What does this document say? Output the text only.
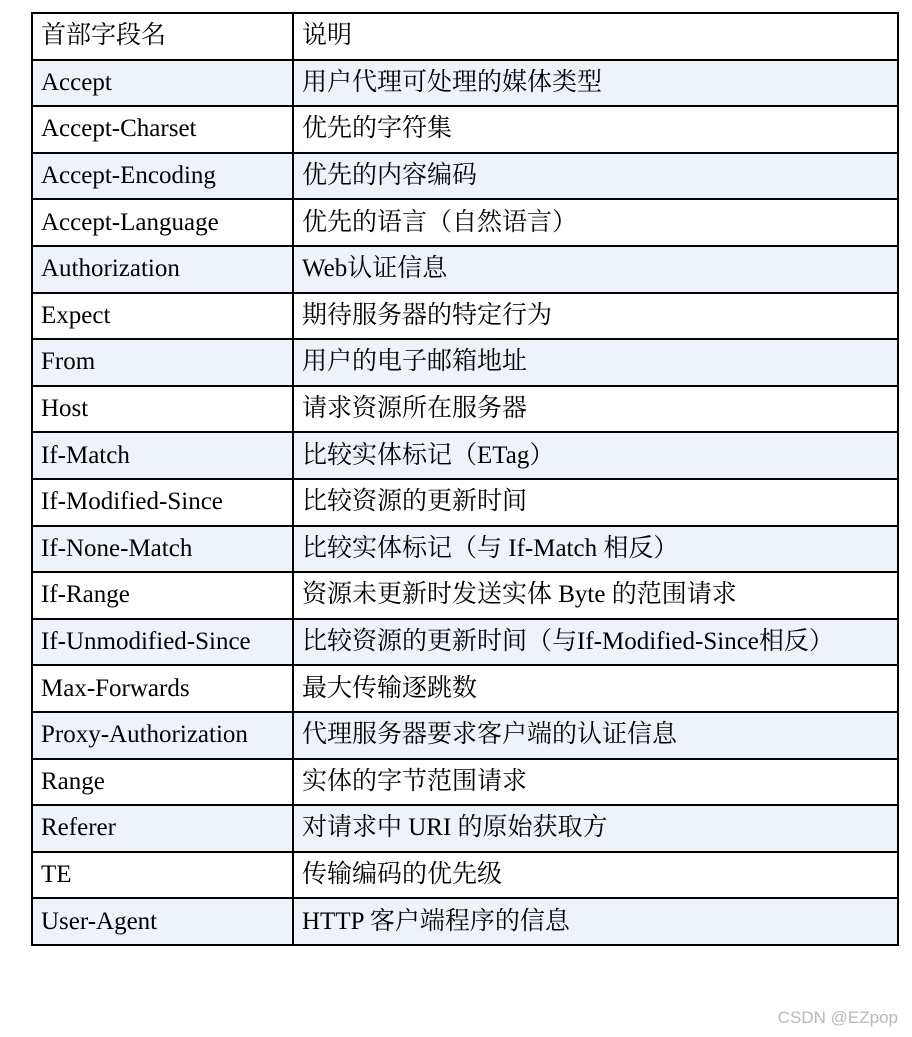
首部字段名	说明
Accept	用户代理可处理的媒体类型
Accept-Charset	优先的字符集
Accept-Encoding	优先的内容编码
Accept-Language	优先的语言（自然语言）
Authorization	Web认证信息
Expect	期待服务器的特定行为
From	用户的电子邮箱地址
Host	请求资源所在服务器
If-Match	比较实体标记（ETag）
If-Modified-Since	比较资源的更新时间
If-None-Match	比较实体标记（与 If-Match 相反）
If-Range	资源未更新时发送实体 Byte 的范围请求
If-Unmodified-Since	比较资源的更新时间（与If-Modified-Since相反）
Max-Forwards	最大传输逐跳数
Proxy-Authorization	代理服务器要求客户端的认证信息
Range	实体的字节范围请求
Referer	对请求中 URI 的原始获取方
TE	传输编码的优先级
User-Agent	HTTP 客户端程序的信息
CSDN @EZpop
